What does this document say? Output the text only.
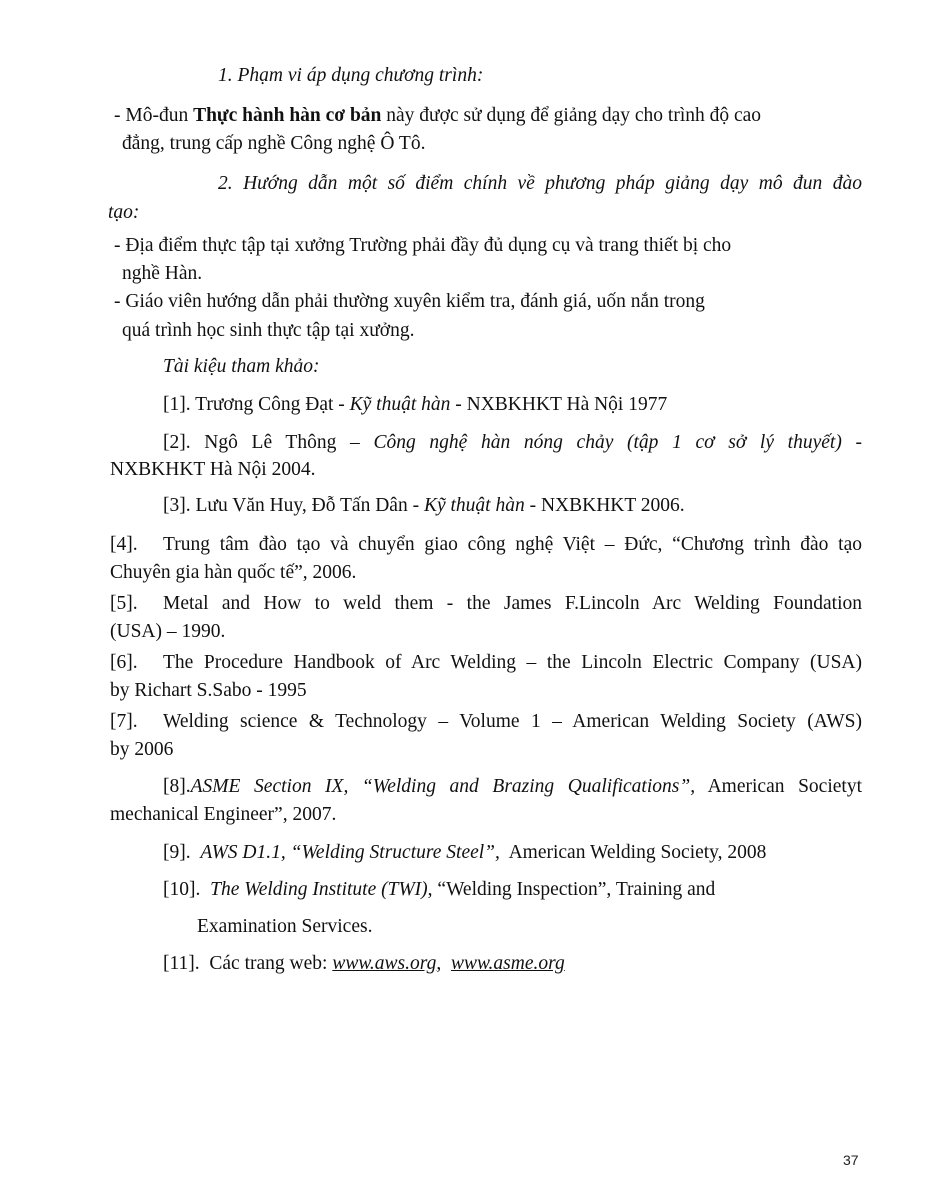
1. Phạm vi áp dụng chương trình:
- Mô-đun Thực hành hàn cơ bản này được sử dụng để giảng dạy cho trình độ cao
đẳng, trung cấp nghề Công nghệ Ô Tô.
2. Hướng dẫn một số điểm chính về phương pháp giảng dạy mô đun đào
tạo:
- Địa điểm thực tập tại xưởng Trường phải đầy đủ dụng cụ và trang thiết bị cho
nghề Hàn.
- Giáo viên hướng dẫn phải thường xuyên kiểm tra, đánh giá, uốn nắn trong
quá trình học sinh thực tập tại xưởng.
Tài kiệu tham khảo:
[1]. Trương Công Đạt - Kỹ thuật hàn - NXBKHKT Hà Nội 1977
[2]. Ngô Lê Thông – Công nghệ hàn nóng chảy (tập 1 cơ sở lý thuyết) -
NXBKHKT Hà Nội 2004.
[3]. Lưu Văn Huy, Đỗ Tấn Dân - Kỹ thuật hàn - NXBKHKT 2006.
[4]. Trung tâm đào tạo và chuyển giao công nghệ Việt – Đức, “Chương trình đào tạo
Chuyên gia hàn quốc tế”, 2006.
[5]. Metal and How to weld them - the James F.Lincoln Arc Welding Foundation
(USA) – 1990.
[6]. The Procedure Handbook of Arc Welding – the Lincoln Electric Company (USA)
by Richart S.Sabo - 1995
[7]. Welding science & Technology – Volume 1 – American Welding Society (AWS)
by 2006
[8].ASME Section IX, “Welding and Brazing Qualifications”, American Societyt
mechanical Engineer”, 2007.
[9].  AWS D1.1, “Welding Structure Steel”,  American Welding Society, 2008
[10].  The Welding Institute (TWI), “Welding Inspection”, Training and
Examination Services.
[11].  Các trang web: www.aws.org,  www.asme.org
37
